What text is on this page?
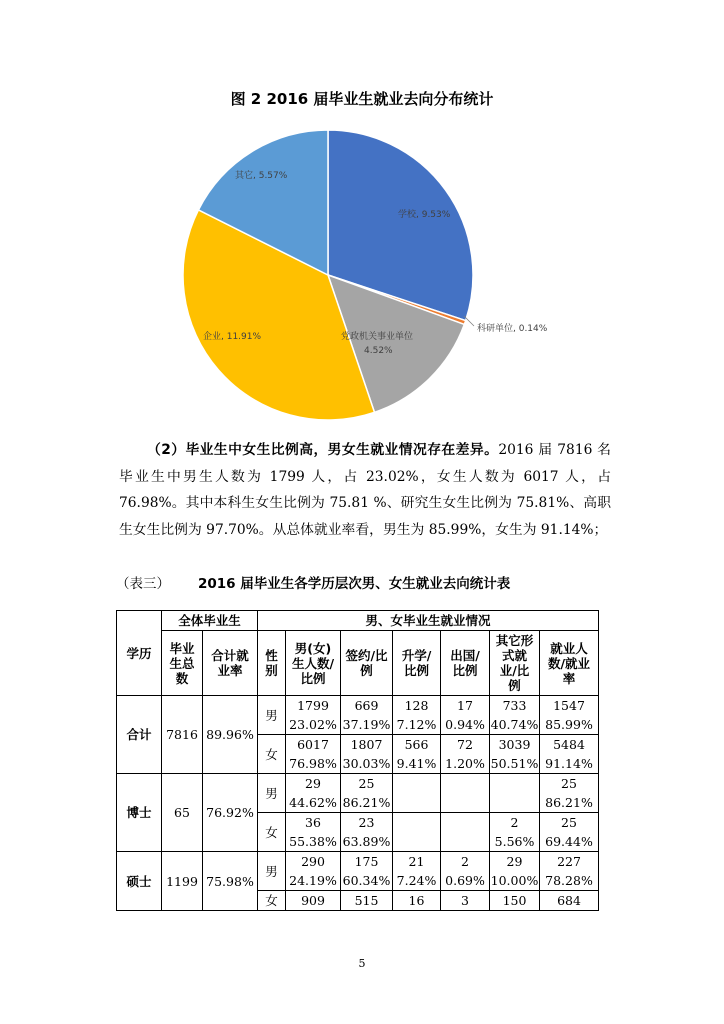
图 2 2016 届毕业生就业去向分布统计
学校, 9.53%
科研单位, 0.14%
党政机关事业单位
4.52%
企业, 11.91%
其它, 5.57%

（2）毕业生中女生比例高，男女生就业情况存在差异。2016 届 7816 名毕业生中男生人数为 1799 人，占 23.02%，女生人数为 6017 人，占 76.98%。其中本科生女生比例为 75.81 %、研究生女生比例为 75.81%、高职生女生比例为 97.70%。从总体就业率看，男生为 85.99%，女生为 91.14%；

（表三） 2016 届毕业生各学历层次男、女生就业去向统计表
学历	全体毕业生		男、女毕业生就业情况						
	毕业生总数	合计就业率	性别	男(女)生人数/比例	签约/比例	升学/比例	出国/比例	其它形式就业/比例	就业人数/就业率
合计	7816	89.96%	男	1799	669	128	17	733	1547
				23.02%	37.19%	7.12%	0.94%	40.74%	85.99%
			女	6017	1807	566	72	3039	5484
				76.98%	30.03%	9.41%	1.20%	50.51%	91.14%
博士	65	76.92%	男	29	25				25
				44.62%	86.21%				86.21%
			女	36	23			2	25
				55.38%	63.89%			5.56%	69.44%
硕士	1199	75.98%	男	290	175	21	2	29	227
				24.19%	60.34%	7.24%	0.69%	10.00%	78.28%
			女	909	515	16	3	150	684
5
